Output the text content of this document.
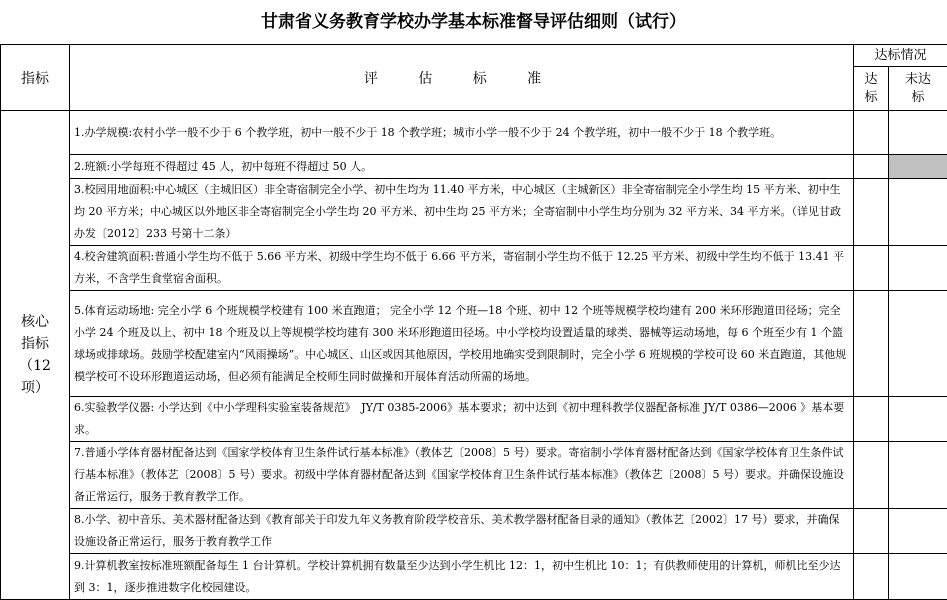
甘肃省义务教育学校办学基本标准督导评估细则（试行）
指标	评 估 标 准	达标情况	
		达标	未达标

核心
指标
（12
项）	1.办学规模:农村小学一般不少于 6 个教学班，初中一般不少于 18 个教学班；城市小学一般不少于 24 个教学班，初中一般不少于 18 个教学班。		
	2.班额:小学每班不得超过 45 人，初中每班不得超过 50 人。		
	3.校园用地面积:中心城区（主城旧区）非全寄宿制完全小学、初中生均为 11.40 平方米，中心城区（主城新区）非全寄宿制完全小学生均 15 平方米、初中生均 20 平方米；中心城区以外地区非全寄宿制完全小学生均 20 平方米、初中生均 25 平方米；全寄宿制中小学生均分别为 32 平方米、34 平方米。（详见甘政办发〔2012〕233 号第十二条）		
	4.校舍建筑面积:普通小学生均不低于 5.66 平方米、初级中学生均不低于 6.66 平方米，寄宿制小学生均不低于 12.25 平方米、初级中学生均不低于 13.41 平方米，不含学生食堂宿舍面积。		
	5.体育运动场地: 完全小学 6 个班规模学校建有 100 米直跑道； 完全小学 12 个班—18 个班、初中 12 个班等规模学校均建有 200 米环形跑道田径场；完全小学 24 个班及以上、初中 18 个班及以上等规模学校均建有 300 米环形跑道田径场。中小学校均设置适量的球类、器械等运动场地，每 6 个班至少有 1 个篮球场或排球场。鼓励学校配建室内“风雨操场”。中心城区、山区或因其他原因，学校用地确实受到限制时，完全小学 6 班规模的学校可设 60 米直跑道，其他规模学校可不设环形跑道运动场，但必须有能满足全校师生同时做操和开展体育活动所需的场地。		
	6.实验教学仪器: 小学达到《中小学理科实验室装备规范》　JY/T 0385-2006》基本要求；初中达到《初中理科教学仪器配备标准 JY/T 0386—2006 》基本要求。		
	7.普通小学体育器材配备达到《国家学校体育卫生条件试行基本标准》（教体艺〔2008〕5 号）要求。寄宿制小学体育器材配备达到《国家学校体育卫生条件试行基本标准》（教体艺〔2008〕5 号）要求。初级中学体育器材配备达到《国家学校体育卫生条件试行基本标准》（教体艺〔2008〕5 号）要求。并确保设施设备正常运行，服务于教育教学工作。		
	8.小学、初中音乐、美术器材配备达到《教育部关于印发九年义务教育阶段学校音乐、美术教学器材配备目录的通知》（教体艺〔2002〕17 号）要求，并确保设施设备正常运行，服务于教育教学工作		
	9.计算机教室按标准班额配备每生 1 台计算机。学校计算机拥有数量至少达到小学生机比 12：1，初中生机比 10：1；有供教师使用的计算机，师机比至少达到 3：1，逐步推进数字化校园建设。		
